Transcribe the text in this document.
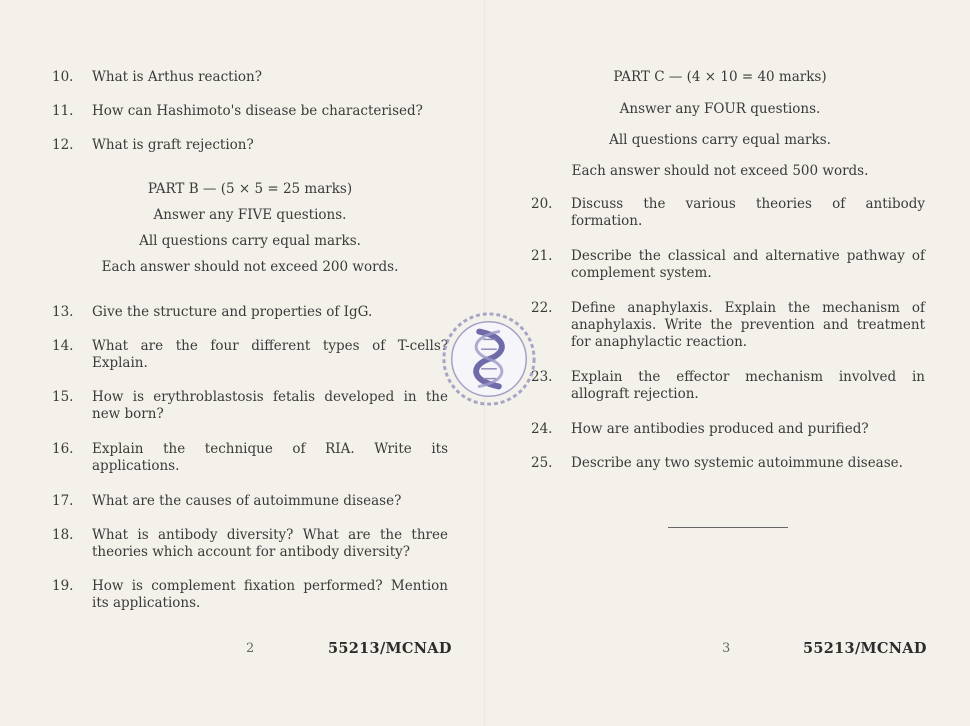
10.	What is Arthus reaction?
11.	How can Hashimoto's disease be characterised?
12.	What is graft rejection?
PART B — (5 × 5 = 25 marks)
Answer any FIVE questions.
All questions carry equal marks.
Each answer should not exceed 200 words.
13.	Give the structure and properties of IgG.
14.	What are the four different types of T-cells?
Explain.
15.	How is erythroblastosis fetalis developed in the
new born?
16.	Explain the technique of RIA. Write its
applications.
17.	What are the causes of autoimmune disease?
18.	What is antibody diversity? What are the three
theories which account for antibody diversity?
19.	How is complement fixation performed? Mention
its applications.
2	55213/MCNAD
PART C — (4 × 10 = 40 marks)
Answer any FOUR questions.
All questions carry equal marks.
Each answer should not exceed 500 words.
20.	Discuss the various theories of antibody
formation.
21.	Describe the classical and alternative pathway of
complement system.
22.	Define anaphylaxis. Explain the mechanism of
anaphylaxis. Write the prevention and treatment
for anaphylactic reaction.
23.	Explain the effector mechanism involved in
allograft rejection.
24.	How are antibodies produced and purified?
25.	Describe any two systemic autoimmune disease.
3	55213/MCNAD
